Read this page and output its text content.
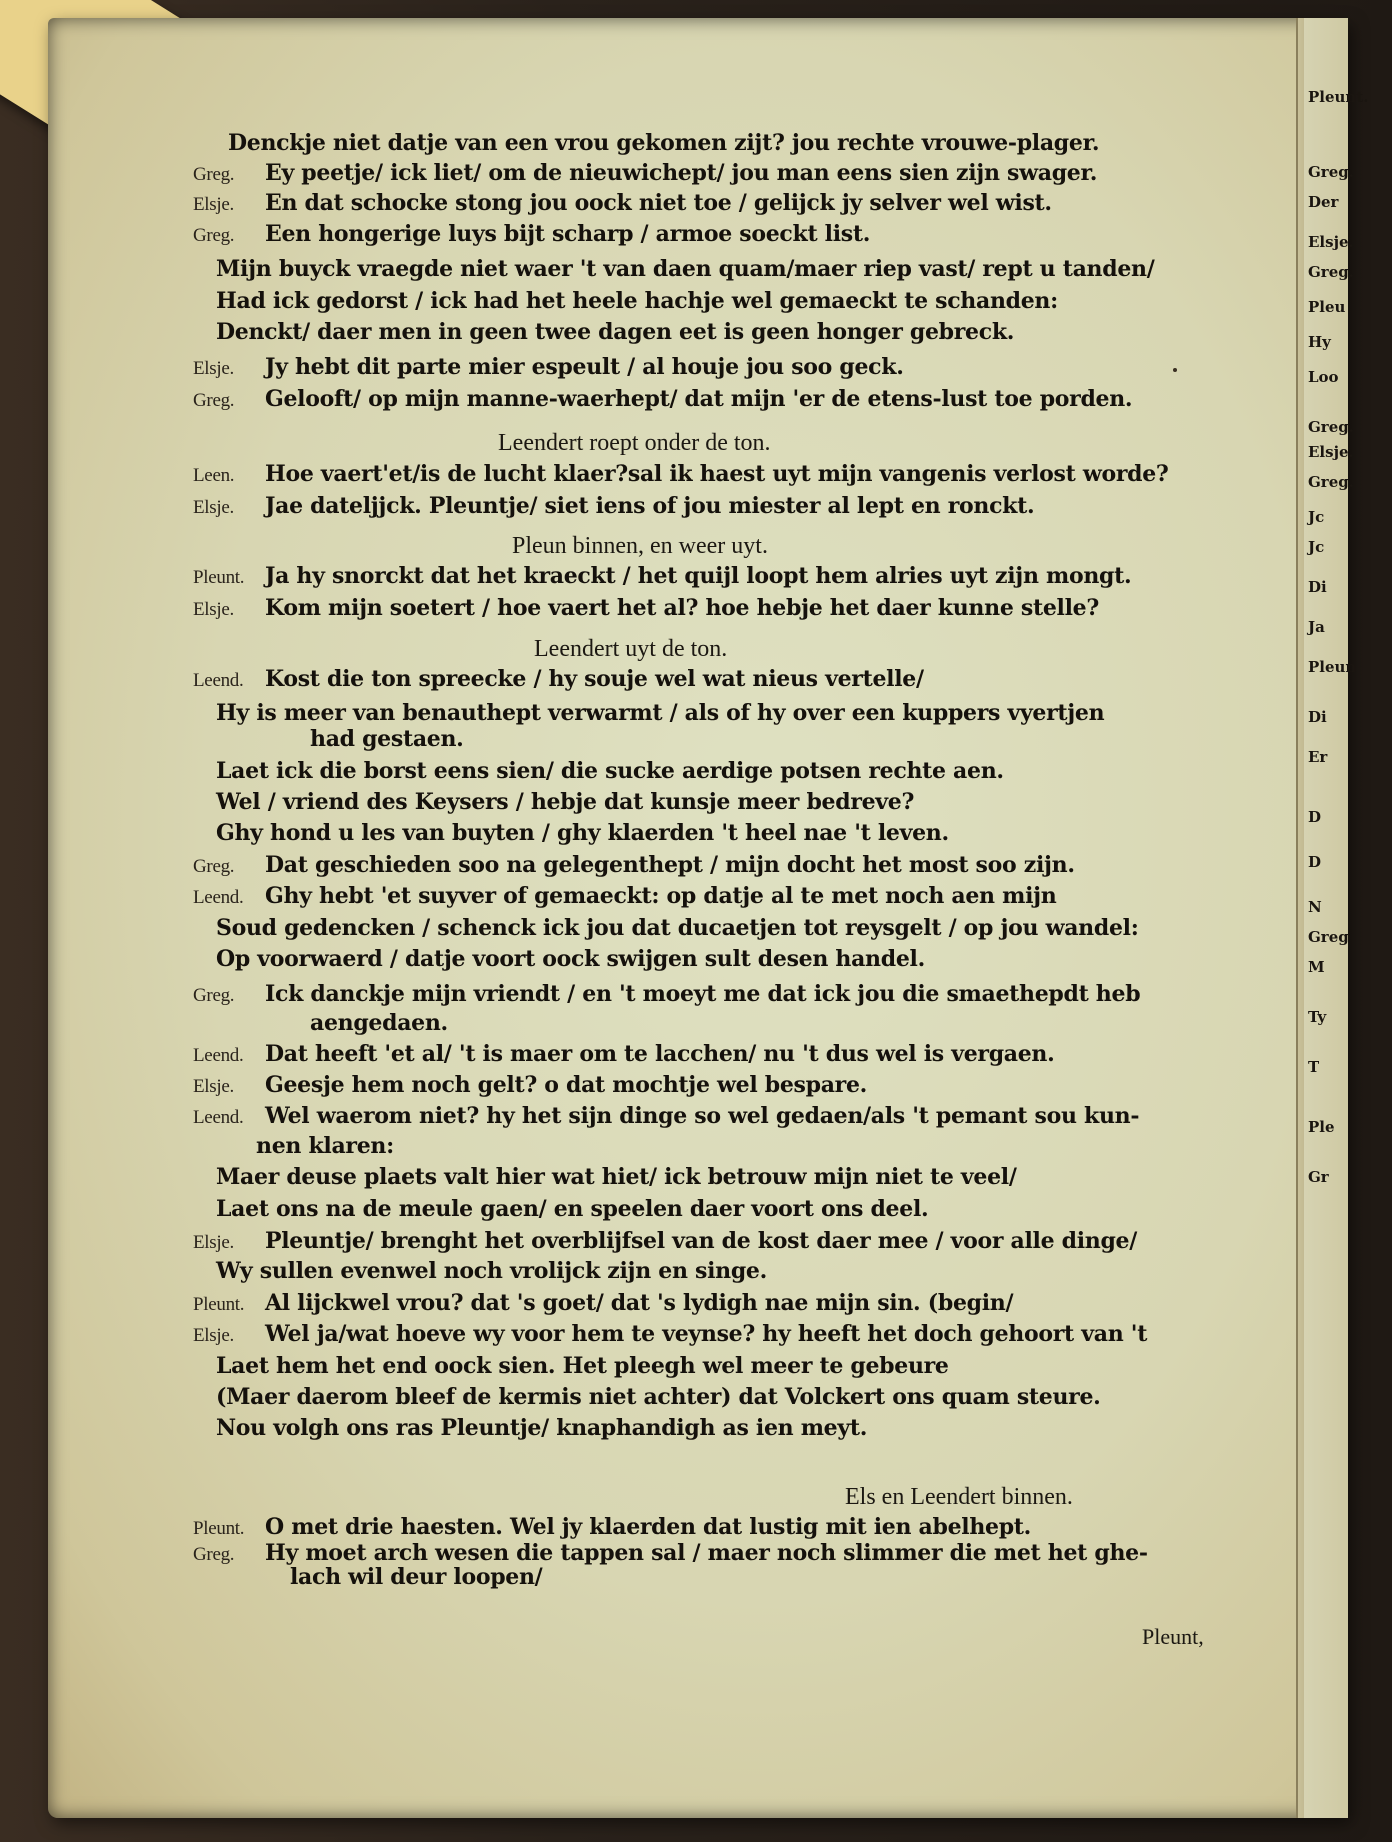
Pleunt.
Greg.
Der
Elsje.
Greg.
Pleu
Hy
Loo
Greg.
Elsje.
Greg.
Jc
Jc
Di
Ja
Pleun
Di
Er
D
D
N
Greg
M
Ty
T
Ple
Gr
Leendert roept onder de ton.
Pleun binnen, en weer uyt.
Leendert uyt de ton.
Els en Leendert binnen.
Pleunt,
Denckje niet datje van een vrou gekomen zijt? jou rechte vrouwe-plager.
Greg. Ey peetje/ ick liet/ om de nieuwichept/ jou man eens sien zijn swager.
Elsje. En dat schocke stong jou oock niet toe / gelijck jy selver wel wist.
Greg. Een hongerige luys bijt scharp / armoe soeckt list.
Mijn buyck vraegde niet waer 't van daen quam/maer riep vast/ rept u tanden/
Had ick gedorst / ick had het heele hachje wel gemaeckt te schanden:
Denckt/ daer men in geen twee dagen eet is geen honger gebreck.
Elsje. Jy hebt dit parte mier espeult / al houje jou soo geck.
Greg. Gelooft/ op mijn manne-waerhept/ dat mijn 'er de etens-lust toe porden.
Leen. Hoe vaert'et/is de lucht klaer?sal ik haest uyt mijn vangenis verlost worde?
Elsje. Jae dateljjck. Pleuntje/ siet iens of jou miester al lept en ronckt.
Pleunt. Ja hy snorckt dat het kraeckt / het quijl loopt hem alries uyt zijn mongt.
Elsje. Kom mijn soetert / hoe vaert het al? hoe hebje het daer kunne stelle?
Leend. Kost die ton spreecke / hy souje wel wat nieus vertelle/
Hy is meer van benauthept verwarmt / als of hy over een kuppers vyertjen
had gestaen.
Laet ick die borst eens sien/ die sucke aerdige potsen rechte aen.
Wel / vriend des Keysers / hebje dat kunsje meer bedreve?
Ghy hond u les van buyten / ghy klaerden 't heel nae 't leven.
Greg. Dat geschieden soo na gelegenthept / mijn docht het most soo zijn.
Leend. Ghy hebt 'et suyver of gemaeckt: op datje al te met noch aen mijn
Soud gedencken / schenck ick jou dat ducaetjen tot reysgelt / op jou wandel:
Op voorwaerd / datje voort oock swijgen sult desen handel.
Greg. Ick danckje mijn vriendt / en 't moeyt me dat ick jou die smaethepdt heb
aengedaen.
Leend. Dat heeft 'et al/ 't is maer om te lacchen/ nu 't dus wel is vergaen.
Elsje. Geesje hem noch gelt? o dat mochtje wel bespare.
Leend. Wel waerom niet? hy het sijn dinge so wel gedaen/als 't pemant sou kun-
nen klaren:
Maer deuse plaets valt hier wat hiet/ ick betrouw mijn niet te veel/
Laet ons na de meule gaen/ en speelen daer voort ons deel.
Elsje. Pleuntje/ brenght het overblijfsel van de kost daer mee / voor alle dinge/
Wy sullen evenwel noch vrolijck zijn en singe.
Pleunt. Al lijckwel vrou? dat 's goet/ dat 's lydigh nae mijn sin. (begin/
Elsje. Wel ja/wat hoeve wy voor hem te veynse? hy heeft het doch gehoort van 't
Laet hem het end oock sien. Het pleegh wel meer te gebeure
(Maer daerom bleef de kermis niet achter) dat Volckert ons quam steure.
Nou volgh ons ras Pleuntje/ knaphandigh as ien meyt.
Pleunt. O met drie haesten. Wel jy klaerden dat lustig mit ien abelhept.
Greg. Hy moet arch wesen die tappen sal / maer noch slimmer die met het ghe-
lach wil deur loopen/
